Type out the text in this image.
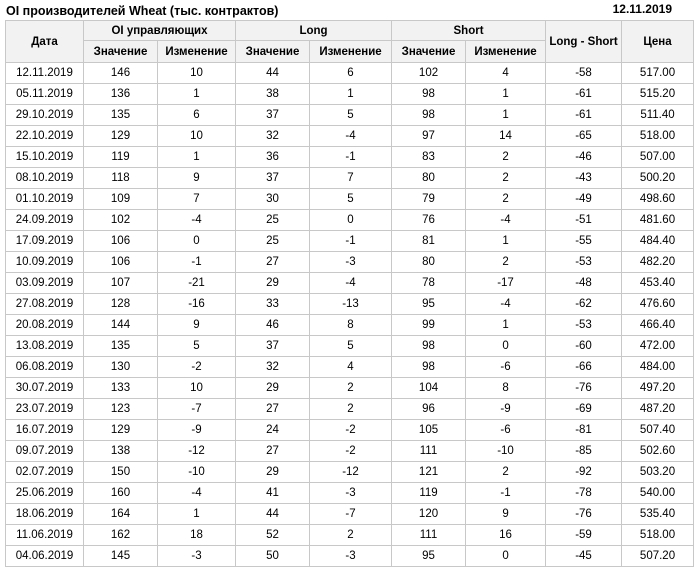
OI производителей Wheat (тыс. контрактов)	12.11.2019
Дата	OI управляющих		Long		Short		Long - Short	Цена
	Значение	Изменение	Значение	Изменение	Значение	Изменение		
12.11.2019	146	10	44	6	102	4	-58	517.00
05.11.2019	136	1	38	1	98	1	-61	515.20
29.10.2019	135	6	37	5	98	1	-61	511.40
22.10.2019	129	10	32	-4	97	14	-65	518.00
15.10.2019	119	1	36	-1	83	2	-46	507.00
08.10.2019	118	9	37	7	80	2	-43	500.20
01.10.2019	109	7	30	5	79	2	-49	498.60
24.09.2019	102	-4	25	0	76	-4	-51	481.60
17.09.2019	106	0	25	-1	81	1	-55	484.40
10.09.2019	106	-1	27	-3	80	2	-53	482.20
03.09.2019	107	-21	29	-4	78	-17	-48	453.40
27.08.2019	128	-16	33	-13	95	-4	-62	476.60
20.08.2019	144	9	46	8	99	1	-53	466.40
13.08.2019	135	5	37	5	98	0	-60	472.00
06.08.2019	130	-2	32	4	98	-6	-66	484.00
30.07.2019	133	10	29	2	104	8	-76	497.20
23.07.2019	123	-7	27	2	96	-9	-69	487.20
16.07.2019	129	-9	24	-2	105	-6	-81	507.40
09.07.2019	138	-12	27	-2	111	-10	-85	502.60
02.07.2019	150	-10	29	-12	121	2	-92	503.20
25.06.2019	160	-4	41	-3	119	-1	-78	540.00
18.06.2019	164	1	44	-7	120	9	-76	535.40
11.06.2019	162	18	52	2	111	16	-59	518.00
04.06.2019	145	-3	50	-3	95	0	-45	507.20
